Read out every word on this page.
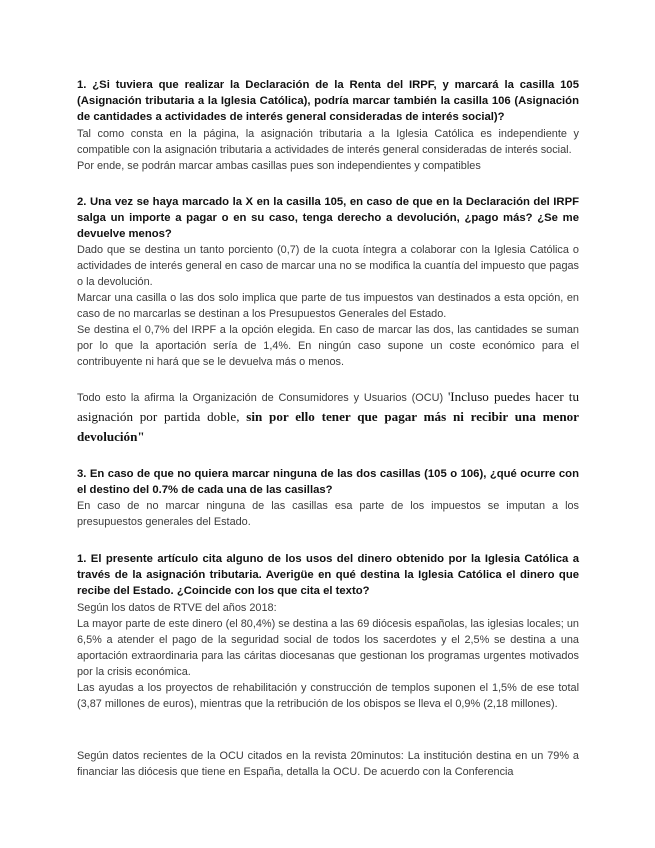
1. ¿Si tuviera que realizar la Declaración de la Renta del IRPF, y marcará la casilla 105 (Asignación tributaria a la Iglesia Católica), podría marcar también la casilla 106 (Asignación de cantidades a actividades de interés general consideradas de interés social)?

Tal como consta en la página, la asignación tributaria a la Iglesia Católica es independiente y compatible con la asignación tributaria a actividades de interés general consideradas de interés social.

Por ende, se podrán marcar ambas casillas pues son independientes y compatibles

2. Una vez se haya marcado la X en la casilla 105, en caso de que en la Declaración del IRPF salga un importe a pagar o en su caso, tenga derecho a devolución, ¿pago más? ¿Se me devuelve menos?

Dado que se destina un tanto porciento (0,7) de la cuota íntegra a colaborar con la Iglesia Católica o actividades de interés general en caso de marcar una no se modifica la cuantía del impuesto que pagas o la devolución.

Marcar una casilla o las dos solo implica que parte de tus impuestos van destinados a esta opción, en caso de no marcarlas se destinan a los Presupuestos Generales del Estado.

Se destina el 0,7% del IRPF a la opción elegida. En caso de marcar las dos, las cantidades se suman por lo que la aportación sería de 1,4%. En ningún caso supone un coste económico para el contribuyente ni hará que se le devuelva más o menos.

Todo esto la afirma la Organización de Consumidores y Usuarios (OCU) 'Incluso puedes hacer tu asignación por partida doble, sin por ello tener que pagar más ni recibir una menor devolución"

3. En caso de que no quiera marcar ninguna de las dos casillas (105 o 106), ¿qué ocurre con el destino del 0.7% de cada una de las casillas?

En caso de no marcar ninguna de las casillas esa parte de los impuestos se imputan a los presupuestos generales del Estado.

1. El presente artículo cita alguno de los usos del dinero obtenido por la Iglesia Católica a través de la asignación tributaria. Averigüe en qué destina la Iglesia Católica el dinero que recibe del Estado. ¿Coincide con los que cita el texto?

Según los datos de RTVE del años 2018:

La mayor parte de este dinero (el 80,4%) se destina a las 69 diócesis españolas, las iglesias locales; un 6,5% a atender el pago de la seguridad social de todos los sacerdotes y el 2,5% se destina a una aportación extraordinaria para las cáritas diocesanas que gestionan los programas urgentes motivados por la crisis económica.

Las ayudas a los proyectos de rehabilitación y construcción de templos suponen el 1,5% de ese total (3,87 millones de euros), mientras que la retribución de los obispos se lleva el 0,9% (2,18 millones).

Según datos recientes de la OCU citados en la revista 20minutos: La institución destina en un 79% a financiar las diócesis que tiene en España, detalla la OCU. De acuerdo con la Conferencia
